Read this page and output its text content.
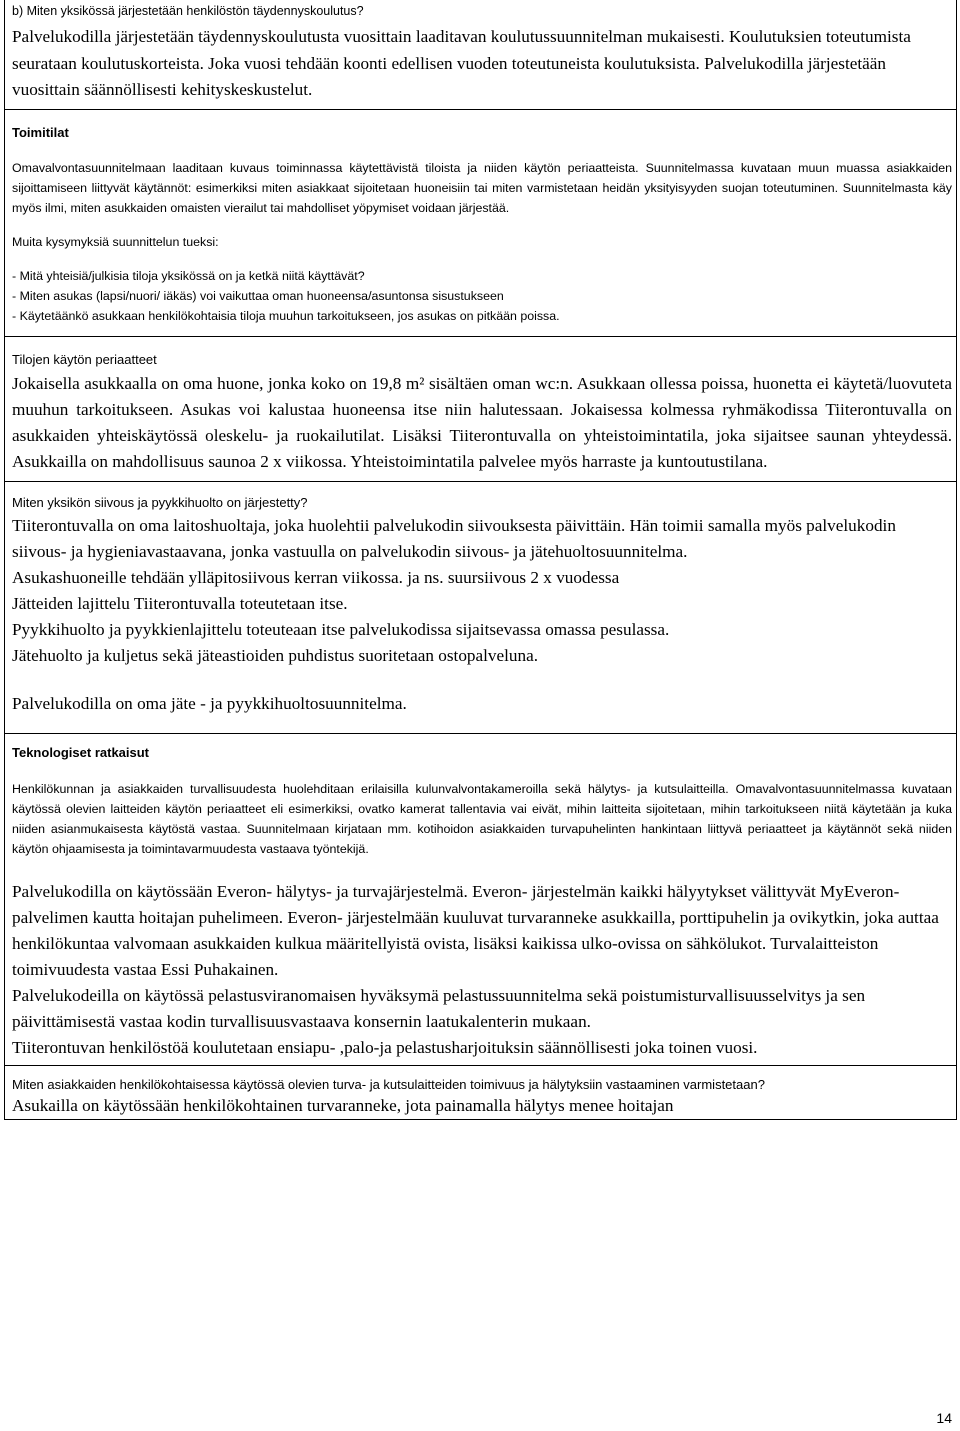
b) Miten yksikössä järjestetään henkilöstön täydennyskoulutus?

Palvelukodilla järjestetään täydennyskoulutusta vuosittain laaditavan koulutussuunnitelman mukaisesti. Koulutuksien toteutumista seurataan koulutuskorteista. Joka vuosi tehdään koonti edellisen vuoden toteutuneista koulutuksista. Palvelukodilla järjestetään vuosittain säännöllisesti kehityskeskustelut.

Toimitilat

Omavalvontasuunnitelmaan laaditaan kuvaus toiminnassa käytettävistä tiloista ja niiden käytön periaatteista. Suunnitelmassa kuvataan muun muassa asiakkaiden sijoittamiseen liittyvät käytännöt: esimerkiksi miten asiakkaat sijoitetaan huoneisiin tai miten varmistetaan heidän yksityisyyden suojan toteutuminen. Suunnitelmasta käy myös ilmi, miten asukkaiden omaisten vierailut tai mahdolliset yöpymiset voidaan järjestää.

Muita kysymyksiä suunnittelun tueksi:

- Mitä yhteisiä/julkisia tiloja yksikössä on ja ketkä niitä käyttävät?

- Miten asukas (lapsi/nuori/ iäkäs) voi vaikuttaa oman huoneensa/asuntonsa sisustukseen

- Käytetäänkö asukkaan henkilökohtaisia tiloja muuhun tarkoitukseen, jos asukas on pitkään poissa.

Tilojen käytön periaatteet

Jokaisella asukkaalla on oma huone, jonka koko on 19,8 m² sisältäen oman wc:n. Asukkaan ollessa poissa, huonetta ei käytetä/luovuteta muuhun tarkoitukseen. Asukas voi kalustaa huoneensa itse niin halutessaan. Jokaisessa kolmessa ryhmäkodissa Tiiterontuvalla on asukkaiden yhteiskäytössä oleskelu- ja ruokailutilat. Lisäksi Tiiterontuvalla on yhteistoimintatila, joka sijaitsee saunan yhteydessä. Asukkailla on mahdollisuus saunoa 2 x viikossa. Yhteistoimintatila palvelee myös harraste ja kuntoutustilana.

Miten yksikön siivous ja pyykkihuolto on järjestetty?

Tiiterontuvalla on oma laitoshuoltaja, joka huolehtii palvelukodin siivouksesta päivittäin. Hän toimii samalla myös palvelukodin siivous- ja hygieniavastaavana, jonka vastuulla on palvelukodin siivous- ja jätehuoltosuunnitelma.

Asukashuoneille tehdään ylläpitosiivous kerran viikossa. ja ns. suursiivous 2 x vuodessa

Jätteiden lajittelu Tiiterontuvalla toteutetaan itse.

Pyykkihuolto ja pyykkienlajittelu toteuteaan itse palvelukodissa sijaitsevassa omassa pesulassa.

Jätehuolto ja kuljetus sekä jäteastioiden puhdistus suoritetaan ostopalveluna.

Palvelukodilla on oma jäte - ja pyykkihuoltosuunnitelma.

Teknologiset ratkaisut

Henkilökunnan ja asiakkaiden turvallisuudesta huolehditaan erilaisilla kulunvalvontakameroilla sekä hälytys- ja kutsulaitteilla. Omavalvontasuunnitelmassa kuvataan käytössä olevien laitteiden käytön periaatteet eli esimerkiksi, ovatko kamerat tallentavia vai eivät, mihin laitteita sijoitetaan, mihin tarkoitukseen niitä käytetään ja kuka niiden asianmukaisesta käytöstä vastaa. Suunnitelmaan kirjataan mm. kotihoidon asiakkaiden turvapuhelinten hankintaan liittyvä periaatteet ja käytännöt sekä niiden käytön ohjaamisesta ja toimintavarmuudesta vastaava työntekijä.

Palvelukodilla on käytössään Everon- hälytys- ja turvajärjestelmä. Everon- järjestelmän kaikki hälyytykset välittyvät MyEveron- palvelimen kautta hoitajan puhelimeen. Everon- järjestelmään kuuluvat turvaranneke asukkailla, porttipuhelin ja ovikytkin, joka auttaa henkilökuntaa valvomaan asukkaiden kulkua määritellyistä ovista, lisäksi kaikissa ulko-ovissa on sähkölukot. Turvalaitteiston toimivuudesta vastaa Essi Puhakainen.

Palvelukodeilla on käytössä pelastusviranomaisen hyväksymä pelastussuunnitelma sekä poistumisturvallisuusselvitys ja sen päivittämisestä vastaa kodin turvallisuusvastaava konsernin laatukalenterin mukaan.

Tiiterontuvan henkilöstöä koulutetaan ensiapu- ,palo-ja pelastusharjoituksin säännöllisesti joka toinen vuosi.

Miten asiakkaiden henkilökohtaisessa käytössä olevien turva- ja kutsulaitteiden toimivuus ja hälytyksiin vastaaminen varmistetaan?

Asukailla on käytössään henkilökohtainen turvaranneke, jota painamalla hälytys menee hoitajan

14
